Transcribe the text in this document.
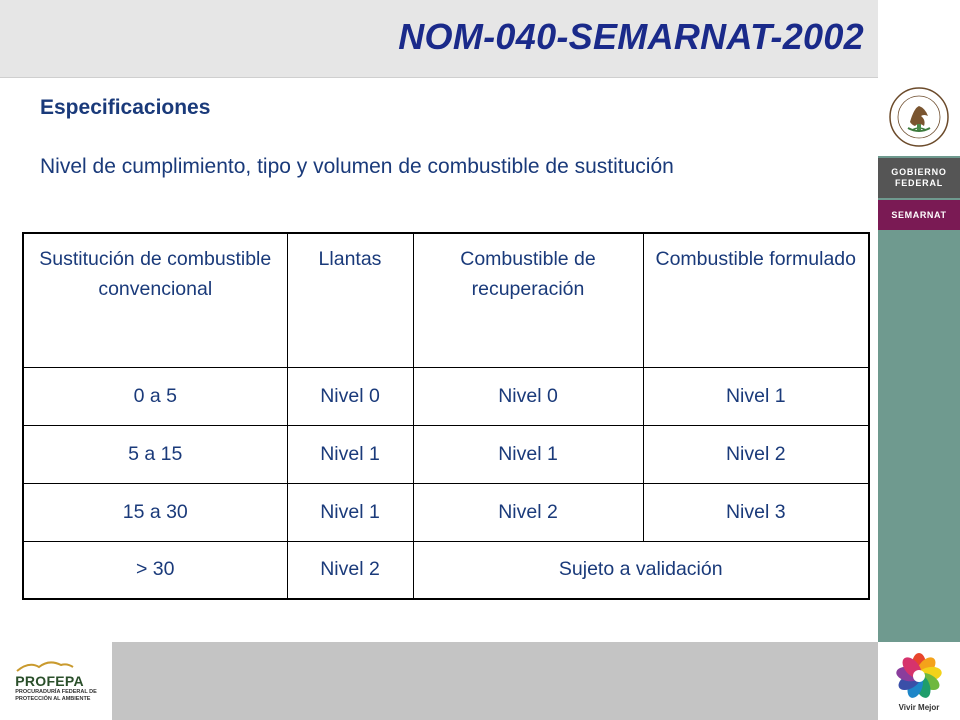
NOM-040-SEMARNAT-2002
GOBIERNO
FEDERAL
SEMARNAT
Vivir Mejor
PROFEPA
PROCURADURÍA FEDERAL DE
PROTECCIÓN AL AMBIENTE
Especificaciones
Nivel de cumplimiento, tipo y volumen de combustible de sustitución
Sustitución de combustible convencional	Llantas	Combustible de recuperación	Combustible formulado
0 a 5	Nivel 0	Nivel 0	Nivel 1
5 a 15	Nivel 1	Nivel 1	Nivel 2
15 a 30	Nivel 1	Nivel 2	Nivel 3
> 30	Nivel 2	Sujeto a validación	
